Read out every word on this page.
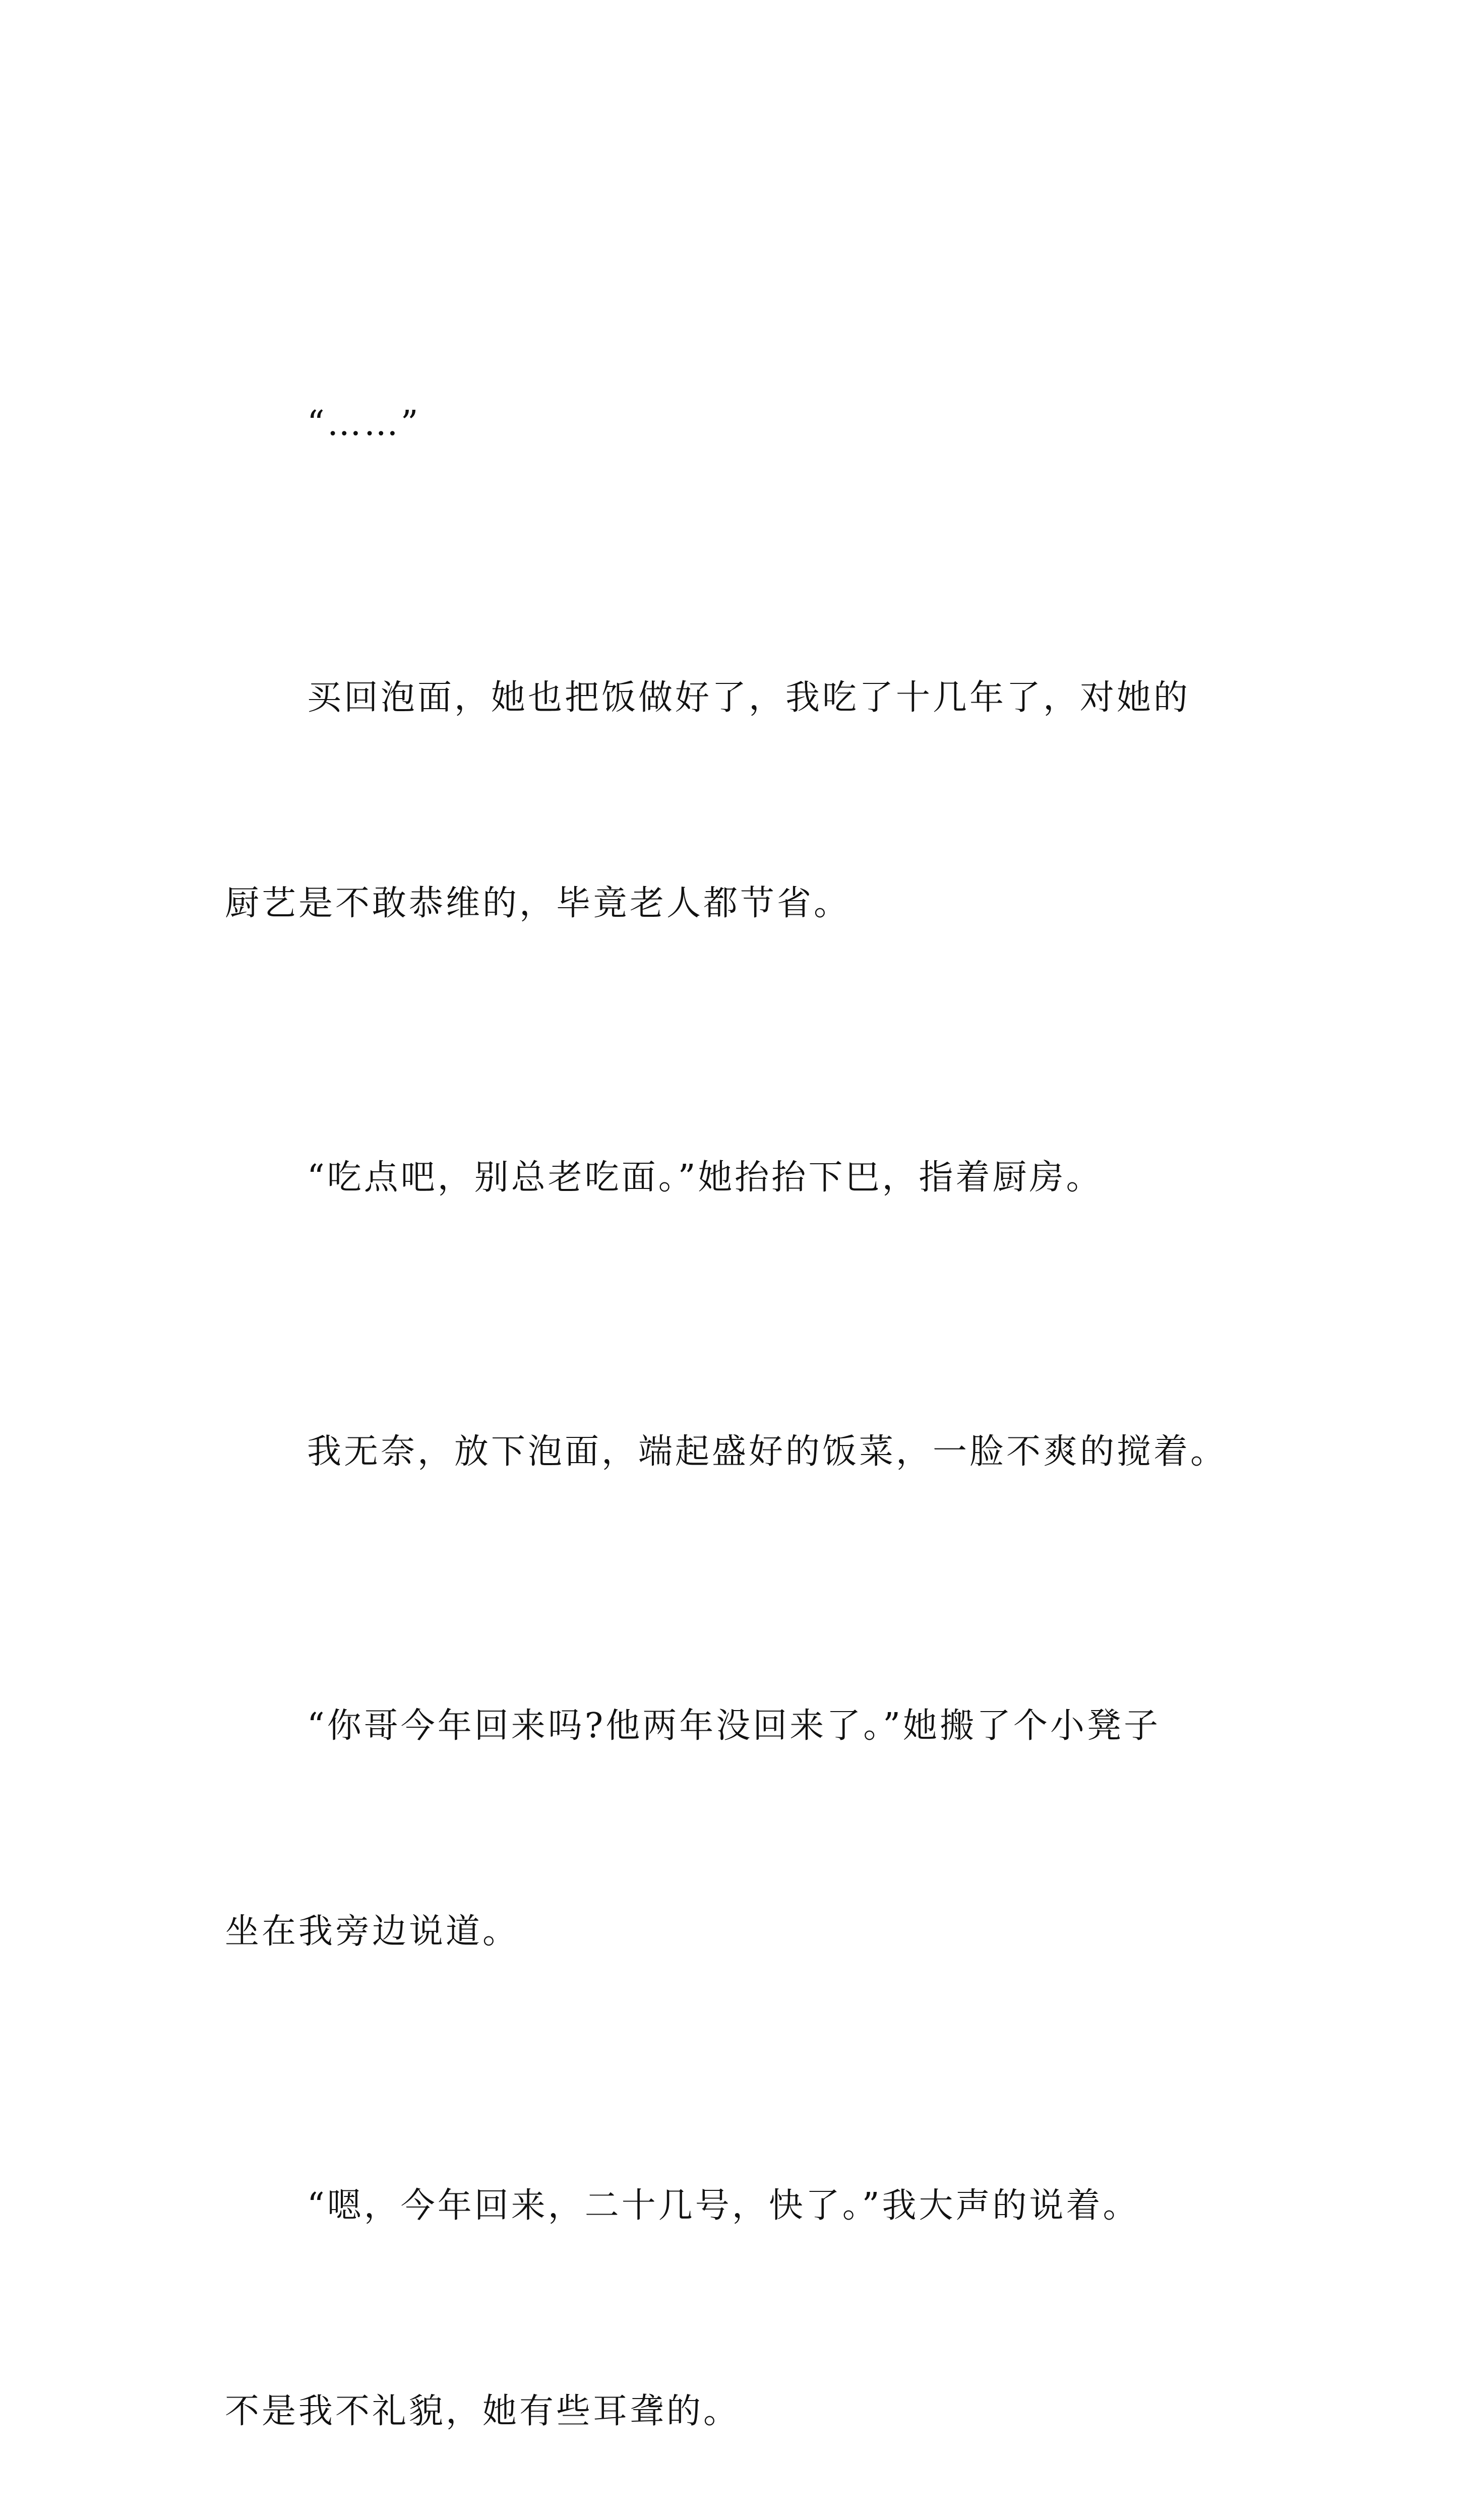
“……”

买回泡面，她也把饭做好了，我吃了十几年了，对她的

厨艺是不敢恭维的，毕竟老人都节省。

“吃点吧，别总老吃面。”她抬抬下巴，指着厨房。

我无奈，放下泡面，端起盛好的饭菜，一脸不爽的搅着。

“你哥今年回来吗?他两年没回来了。”她搬了个小凳子

坐在我旁边说道。

“嗯，今年回来，二十几号，快了。”我大声的说着。

不是我不礼貌，她有些耳聋的。
